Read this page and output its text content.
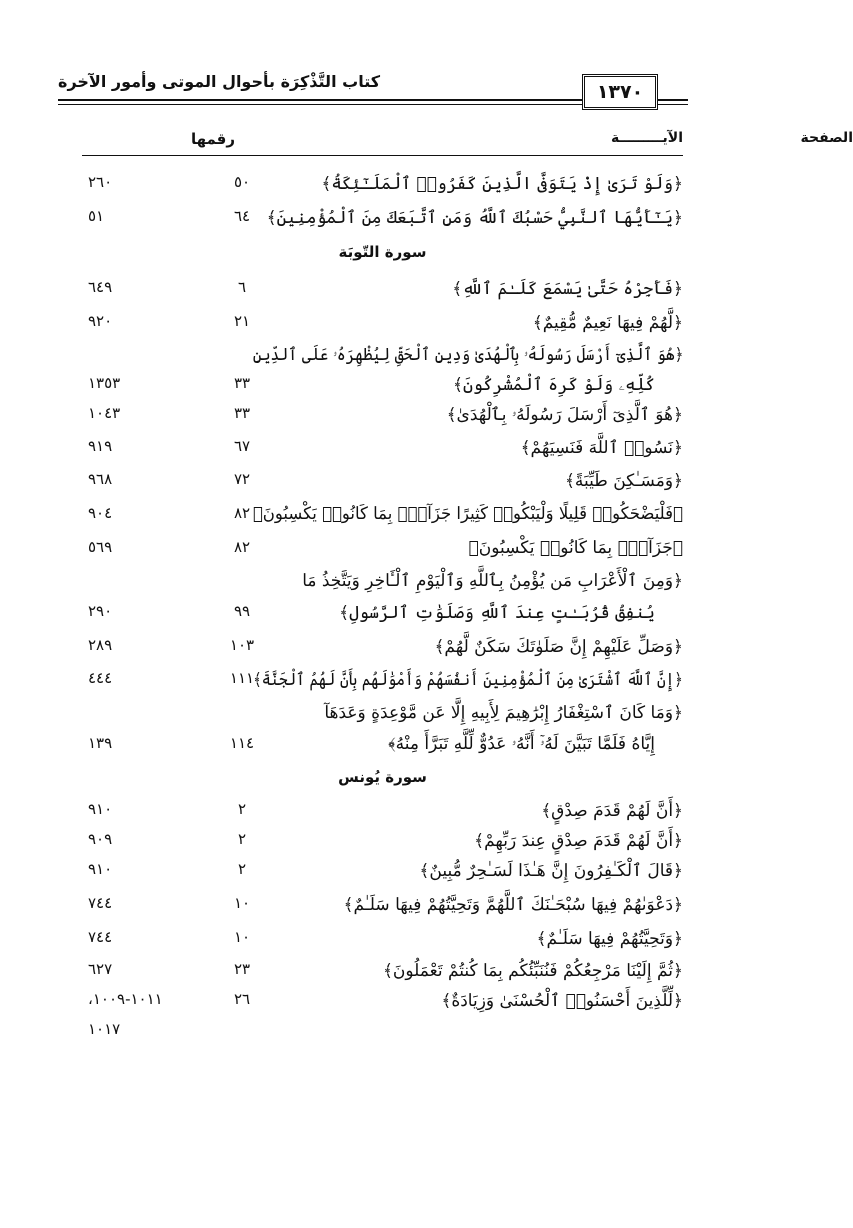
١٣٧٠
كتاب التَّذْكِرَة بأحوال الموتى وأمور الآخرة
الآيـــــــــة
رقمها	الصفحة
﴿وَلَوْ تَرَىٰ إِذْ يَتَوَفَّى الَّذِينَ كَفَرُوا۟ ٱلْمَلَـٰٓئِكَةُ﴾
٥٠
٢٦٠
﴿يَـٰٓأَيُّهَا ٱلنَّبِيُّ حَسْبُكَ ٱللَّهُ وَمَنِ ٱتَّبَعَكَ مِنَ ٱلْمُؤْمِنِينَ﴾
٦٤
٥١
سورة التّوبَة
﴿فَأَجِرْهُ حَتَّىٰ يَسْمَعَ كَلَـٰمَ ٱللَّهِ﴾
٦
٦٤٩
﴿لَّهُمْ فِيهَا نَعِيمٌ مُّقِيمٌ﴾
٢١
٩٢٠
﴿هُوَ ٱلَّذِىٓ أَرْسَلَ رَسُولَهُۥ بِٱلْهُدَىٰ وَدِينِ ٱلْحَقِّ لِيُظْهِرَهُۥ عَلَى ٱلدِّينِ
كُلِّهِۦ وَلَوْ كَرِهَ ٱلْمُشْرِكُونَ﴾
٣٣
١٣٥٣
﴿هُوَ ٱلَّذِىٓ أَرْسَلَ رَسُولَهُۥ بِٱلْهُدَىٰ﴾
٣٣
١٠٤٣
﴿نَسُوا۟ ٱللَّهَ فَنَسِيَهُمْ﴾
٦٧
٩١٩
﴿وَمَسَـٰكِنَ طَيِّبَةً﴾
٧٢
٩٦٨
﴿فَلْيَضْحَكُوا۟ قَلِيلًا وَلْيَبْكُوا۟ كَثِيرًا جَزَآءًۢ بِمَا كَانُوا۟ يَكْسِبُونَ﴾
٨٢
٩٠٤
﴿جَزَآءًۢ بِمَا كَانُوا۟ يَكْسِبُونَ﴾
٨٢
٥٦٩
﴿وَمِنَ ٱلْأَعْرَابِ مَن يُؤْمِنُ بِٱللَّهِ وَٱلْيَوْمِ ٱلْـَٔاخِرِ وَيَتَّخِذُ مَا
يُنفِقُ قُرُبَـٰتٍ عِندَ ٱللَّهِ وَصَلَوَٰتِ ٱلرَّسُولِ﴾
٩٩
٢٩٠
﴿وَصَلِّ عَلَيْهِمْ إِنَّ صَلَوٰتَكَ سَكَنٌ لَّهُمْ﴾
١٠٣
٢٨٩
﴿إِنَّ ٱللَّهَ ٱشْتَرَىٰ مِنَ ٱلْمُؤْمِنِينَ أَنفُسَهُمْ وَأَمْوَٰلَهُم بِأَنَّ لَهُمُ ٱلْجَنَّةَ﴾
١١١
٤٤٤
﴿وَمَا كَانَ ٱسْتِغْفَارُ إِبْرَٰهِيمَ لِأَبِيهِ إِلَّا عَن مَّوْعِدَةٍ وَعَدَهَآ
إِيَّاهُ فَلَمَّا تَبَيَّنَ لَهُۥٓ أَنَّهُۥ عَدُوٌّ لِّلَّهِ تَبَرَّأَ مِنْهُ﴾
١١٤
١٣٩
سورة يُونس
﴿أَنَّ لَهُمْ قَدَمَ صِدْقٍ﴾
٢
٩١٠
﴿أَنَّ لَهُمْ قَدَمَ صِدْقٍ عِندَ رَبِّهِمْ﴾
٢
٩٠٩
﴿قَالَ ٱلْكَـٰفِرُونَ إِنَّ هَـٰذَا لَسَـٰحِرٌ مُّبِينٌ﴾
٢
٩١٠
﴿دَعْوَىٰهُمْ فِيهَا سُبْحَـٰنَكَ ٱللَّهُمَّ وَتَحِيَّتُهُمْ فِيهَا سَلَـٰمٌ﴾
١٠
٧٤٤
﴿وَتَحِيَّتُهُمْ فِيهَا سَلَـٰمٌ﴾
١٠
٧٤٤
﴿ثُمَّ إِلَيْنَا مَرْجِعُكُمْ فَنُنَبِّئُكُم بِمَا كُنتُمْ تَعْمَلُونَ﴾
٢٣
٦٢٧
﴿لِّلَّذِينَ أَحْسَنُوا۟ ٱلْحُسْنَىٰ وَزِيَادَةٌ﴾
٢٦
١٠١١-١٠٠٩،
١٠١٧
